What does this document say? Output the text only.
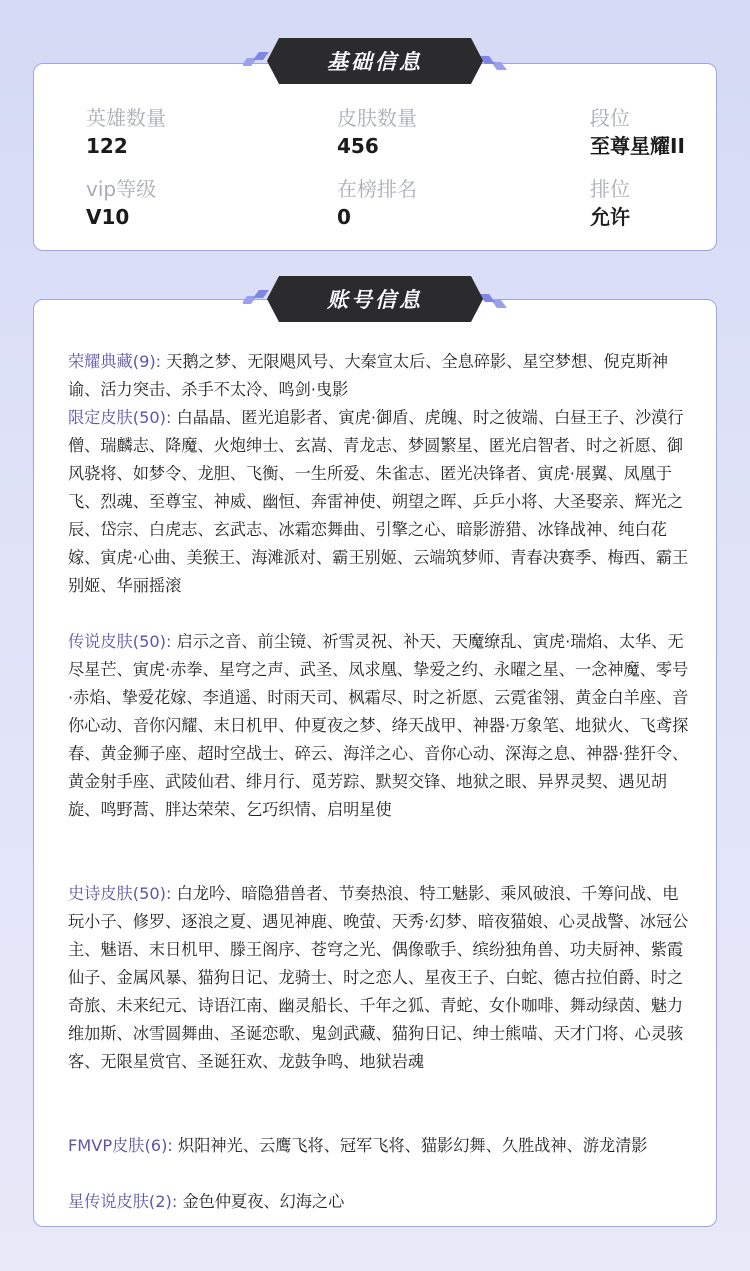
英雄数量
122
皮肤数量
456
段位
至尊星耀II
vip等级
V10
在榜排名
0
排位
允许
基础信息
账号信息

荣耀典藏(9): 天鹅之梦、无限飓风号、大秦宣太后、全息碎影、星空梦想、倪克斯神谕、活力突击、杀手不太冷、鸣剑·曳影

限定皮肤(50): 白晶晶、匿光追影者、寅虎·御盾、虎魄、时之彼端、白昼王子、沙漠行僧、瑞麟志、降魔、火炮绅士、玄嵩、青龙志、梦圆繁星、匿光启智者、时之祈愿、御风骁将、如梦令、龙胆、飞衡、一生所爱、朱雀志、匿光决锋者、寅虎·展翼、凤凰于飞、烈魂、至尊宝、神威、幽恒、奔雷神使、朔望之晖、乒乒小将、大圣娶亲、辉光之辰、岱宗、白虎志、玄武志、冰霜恋舞曲、引擎之心、暗影游猎、冰锋战神、纯白花嫁、寅虎·心曲、美猴王、海滩派对、霸王别姬、云端筑梦师、青春决赛季、梅西、霸王别姬、华丽摇滚

传说皮肤(50): 启示之音、前尘镜、祈雪灵祝、补天、天魔缭乱、寅虎·瑞焰、太华、无尽星芒、寅虎·赤拳、星穹之声、武圣、凤求凰、挚爱之约、永曜之星、一念神魔、零号·赤焰、挚爱花嫁、李逍遥、时雨天司、枫霜尽、时之祈愿、云霓雀翎、黄金白羊座、音你心动、音你闪耀、末日机甲、仲夏夜之梦、绛天战甲、神器·万象笔、地狱火、飞鸢探春、黄金狮子座、超时空战士、碎云、海洋之心、音你心动、深海之息、神器·狴犴令、黄金射手座、武陵仙君、绯月行、觅芳踪、默契交锋、地狱之眼、异界灵契、遇见胡旋、鸣野蒿、胖达荣荣、乞巧织情、启明星使

史诗皮肤(50): 白龙吟、暗隐猎兽者、节奏热浪、特工魅影、乘风破浪、千筹问战、电玩小子、修罗、逐浪之夏、遇见神鹿、晚萤、天秀·幻梦、暗夜猫娘、心灵战警、冰冠公主、魅语、末日机甲、滕王阁序、苍穹之光、偶像歌手、缤纷独角兽、功夫厨神、紫霞仙子、金属风暴、猫狗日记、龙骑士、时之恋人、星夜王子、白蛇、德古拉伯爵、时之奇旅、未来纪元、诗语江南、幽灵船长、千年之狐、青蛇、女仆咖啡、舞动绿茵、魅力维加斯、冰雪圆舞曲、圣诞恋歌、鬼剑武藏、猫狗日记、绅士熊喵、天才门将、心灵骇客、无限星赏官、圣诞狂欢、龙鼓争鸣、地狱岩魂

FMVP皮肤(6): 炽阳神光、云鹰飞将、冠军飞将、猫影幻舞、久胜战神、游龙清影

星传说皮肤(2): 金色仲夏夜、幻海之心
